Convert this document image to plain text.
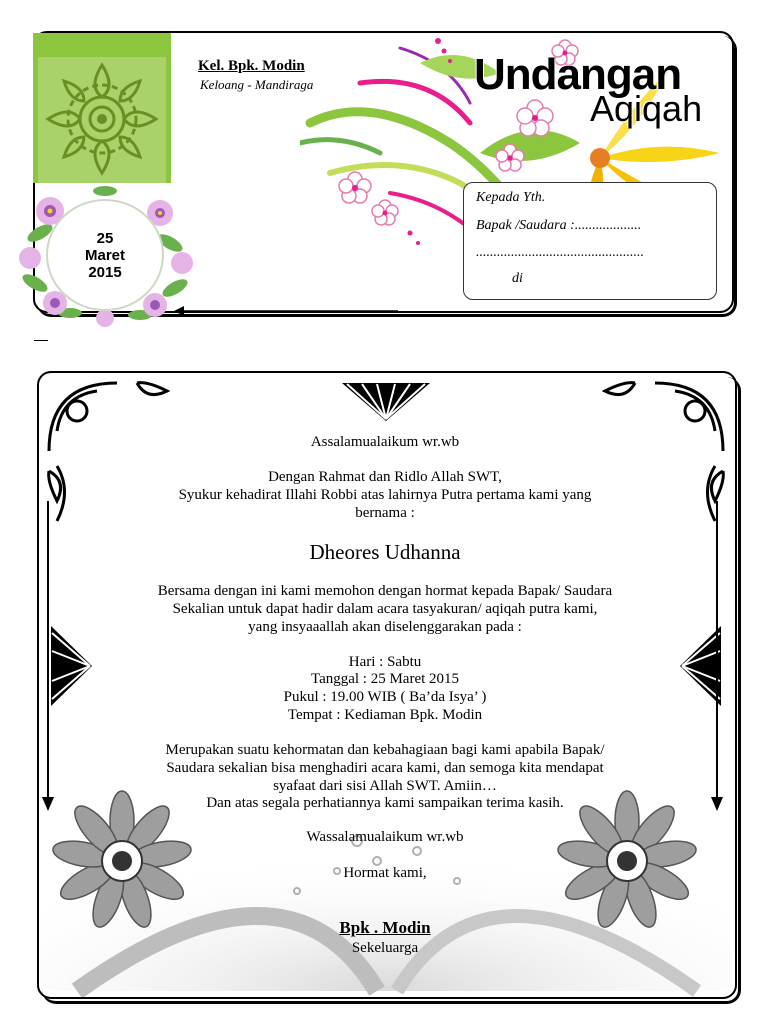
Kel. Bpk. Modin
Keloang - Mandiraga	Undangan
Aqiqah
Kepada Yth.
Bapak /Saudara :...................
................................................
di
25
Maret
2015
Assalamualaikum wr.wb
Dengan Rahmat dan Ridlo Allah SWT,
Syukur kehadirat Illahi Robbi atas lahirnya Putra pertama kami yang
bernama :
Dheores Udhanna
Bersama dengan ini kami memohon dengan hormat kepada Bapak/ Saudara
Sekalian untuk dapat hadir dalam acara tasyakuran/ aqiqah putra kami,
yang insyaaallah akan diselenggarakan pada :
Hari : Sabtu
Tanggal : 25 Maret 2015
Pukul : 19.00 WIB ( Ba’da Isya’ )
Tempat : Kediaman Bpk. Modin
Merupakan suatu kehormatan dan kebahagiaan bagi kami apabila Bapak/
Saudara sekalian bisa menghadiri acara kami, dan semoga kita mendapat
syafaat dari sisi Allah SWT. Amiin…
Dan atas segala perhatiannya kami sampaikan terima kasih.
Wassalamualaikum wr.wb
Hormat kami,
Bpk . Modin
Sekeluarga
